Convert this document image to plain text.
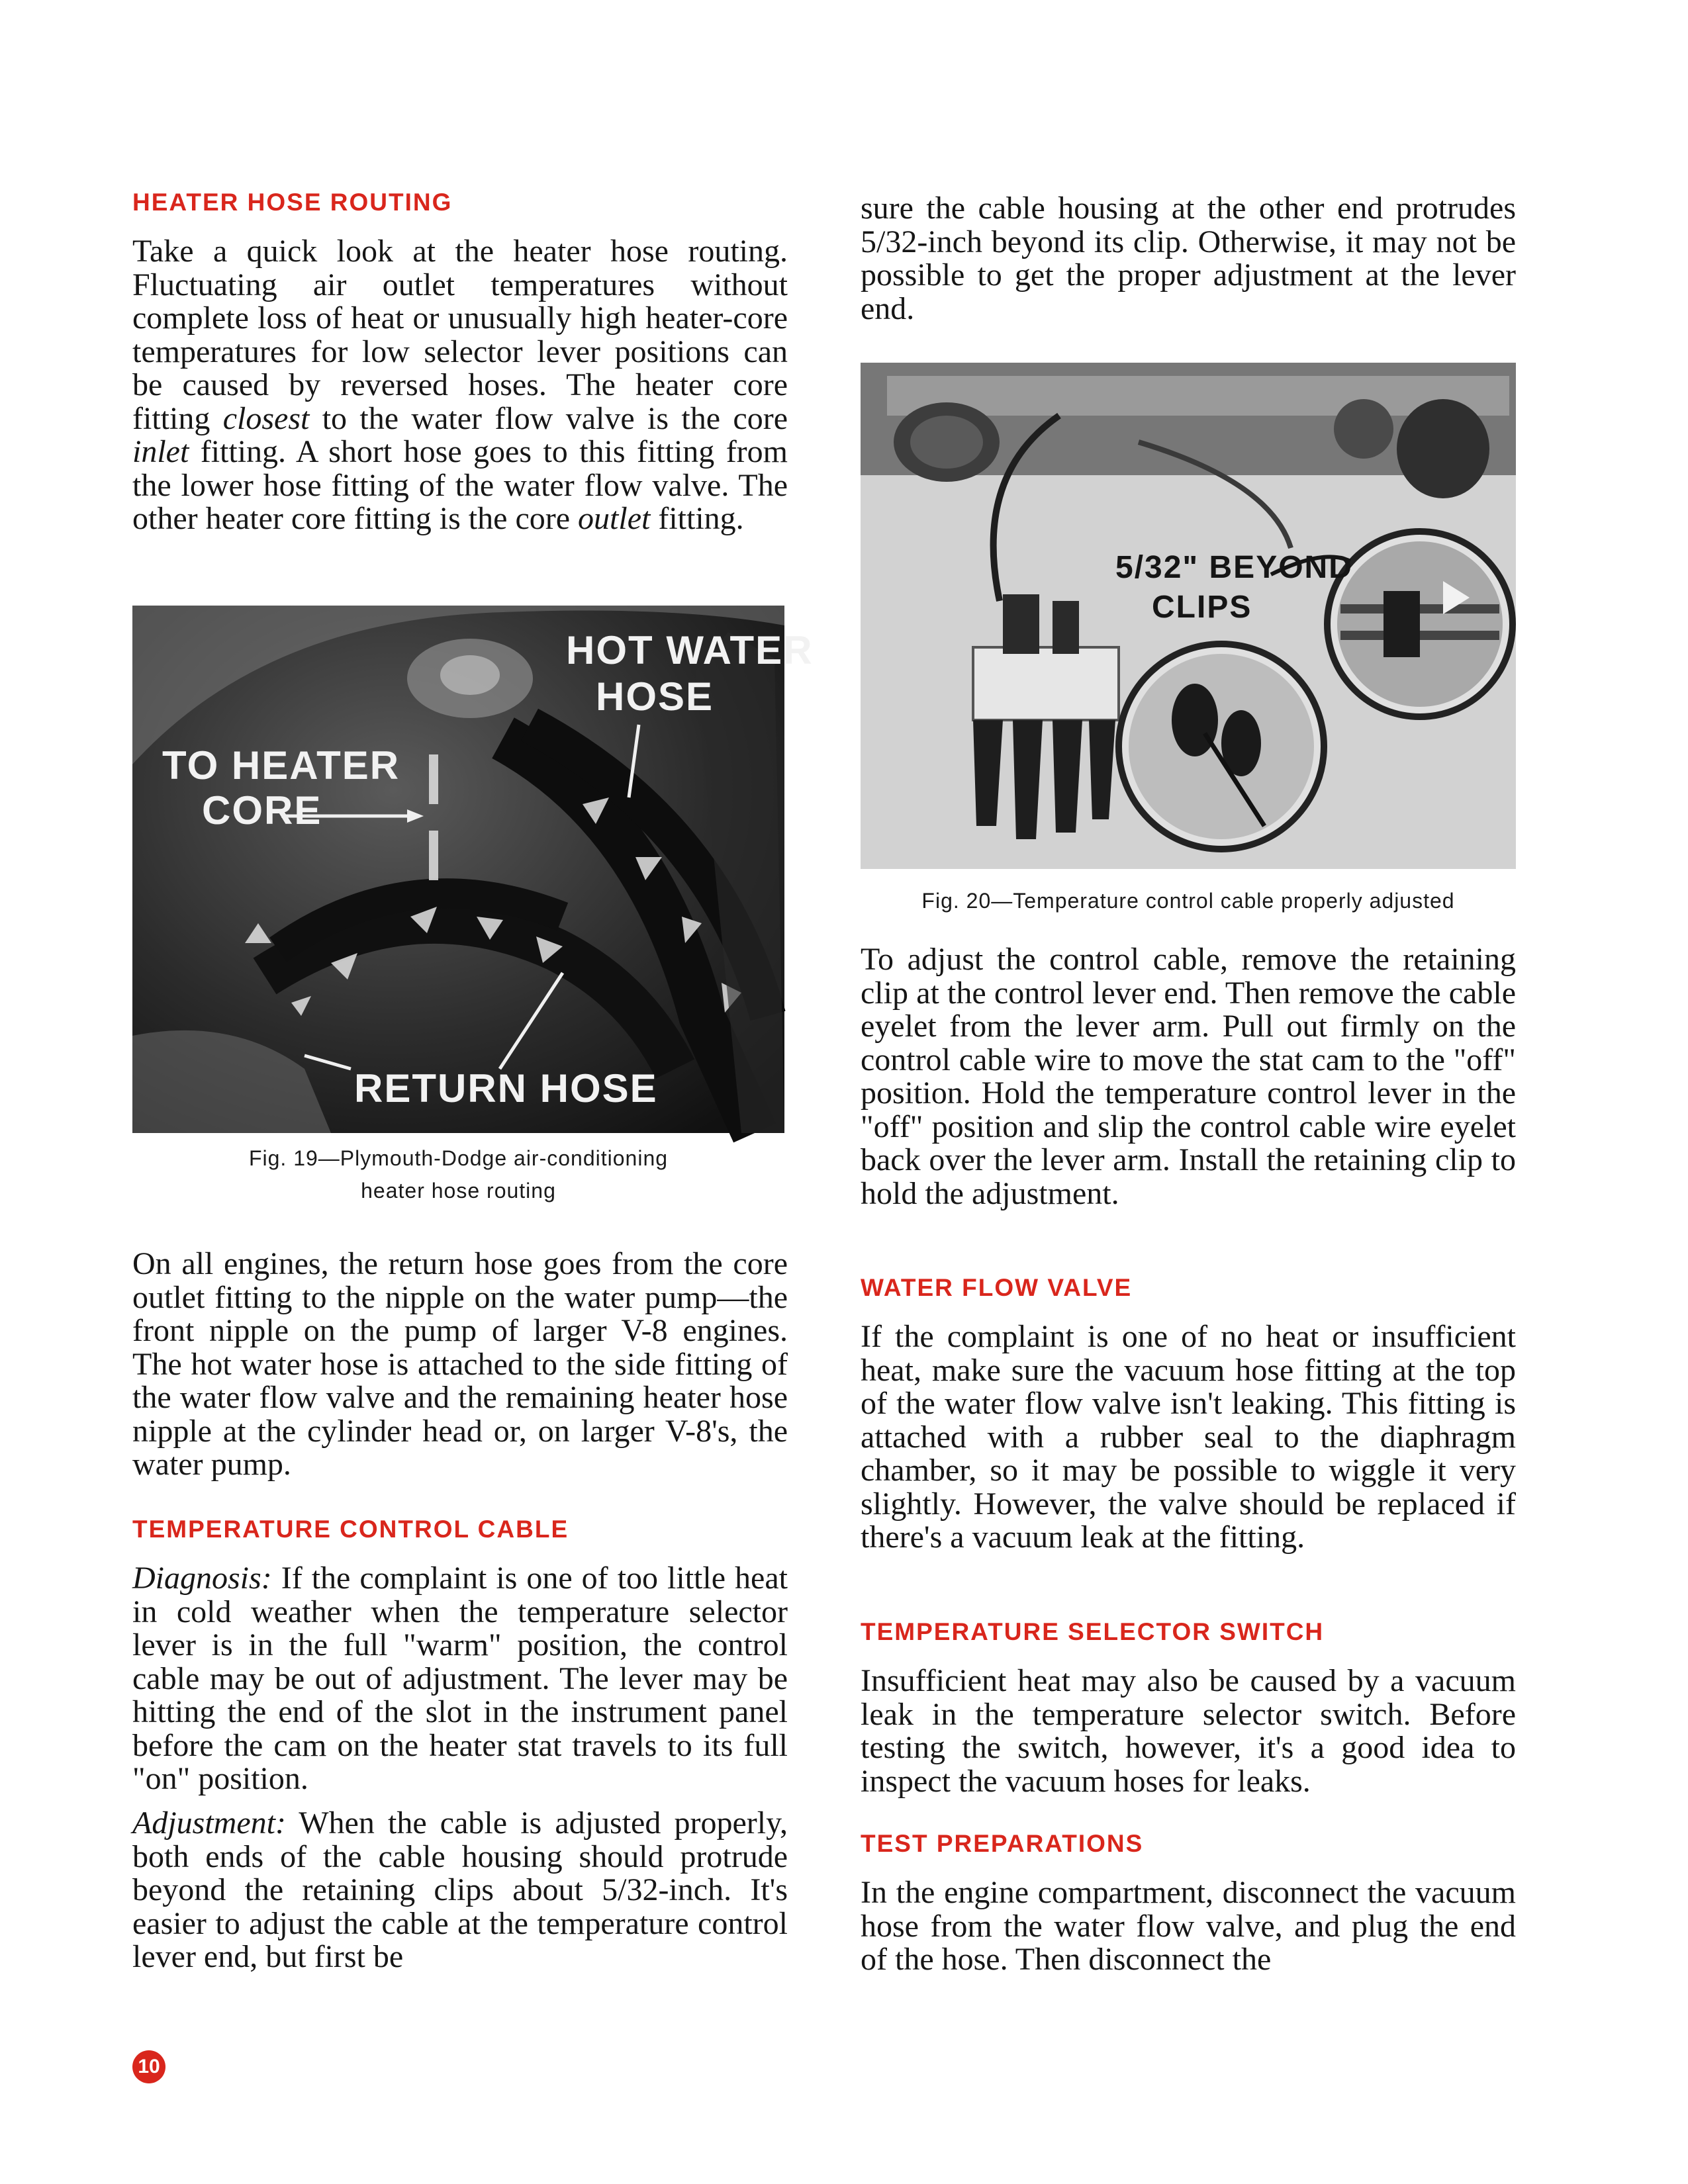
HEATER HOSE ROUTING

Take a quick look at the heater hose routing. Fluctuating air outlet temperatures without complete loss of heat or unusually high heater-core temperatures for low selector lever positions can be caused by reversed hoses. The heater core fitting closest to the water flow valve is the core inlet fitting. A short hose goes to this fitting from the lower hose fitting of the water flow valve. The other heater core fitting is the core outlet fitting.

HOT WATER
HOSE
TO HEATER
CORE
RETURN HOSE

Fig. 19—Plymouth-Dodge air-conditioning
heater hose routing

On all engines, the return hose goes from the core outlet fitting to the nipple on the water pump—the front nipple on the pump of larger V-8 engines. The hot water hose is attached to the side fitting of the water flow valve and the remaining heater hose nipple at the cylinder head or, on larger V-8's, the water pump.

TEMPERATURE CONTROL CABLE

Diagnosis: If the complaint is one of too little heat in cold weather when the temperature selector lever is in the full "warm" position, the control cable may be out of adjustment. The lever may be hitting the end of the slot in the instrument panel before the cam on the heater stat travels to its full "on" position.

Adjustment: When the cable is adjusted properly, both ends of the cable housing should protrude beyond the retaining clips about 5/32-inch. It's easier to adjust the cable at the temperature control lever end, but first be

sure the cable housing at the other end protrudes 5/32-inch beyond its clip. Otherwise, it may not be possible to get the proper adjustment at the lever end.

5/32" BEYOND
CLIPS

Fig. 20—Temperature control cable properly adjusted

To adjust the control cable, remove the retaining clip at the control lever end. Then remove the cable eyelet from the lever arm. Pull out firmly on the control cable wire to move the stat cam to the "off" position. Hold the temperature control lever in the "off" position and slip the control cable wire eyelet back over the lever arm. Install the retaining clip to hold the adjustment.

WATER FLOW VALVE

If the complaint is one of no heat or insufficient heat, make sure the vacuum hose fitting at the top of the water flow valve isn't leaking. This fitting is attached with a rubber seal to the diaphragm chamber, so it may be possible to wiggle it very slightly. However, the valve should be replaced if there's a vacuum leak at the fitting.

TEMPERATURE SELECTOR SWITCH

Insufficient heat may also be caused by a vacuum leak in the temperature selector switch. Before testing the switch, however, it's a good idea to inspect the vacuum hoses for leaks.

TEST PREPARATIONS

In the engine compartment, disconnect the vacuum hose from the water flow valve, and plug the end of the hose. Then disconnect the

10
